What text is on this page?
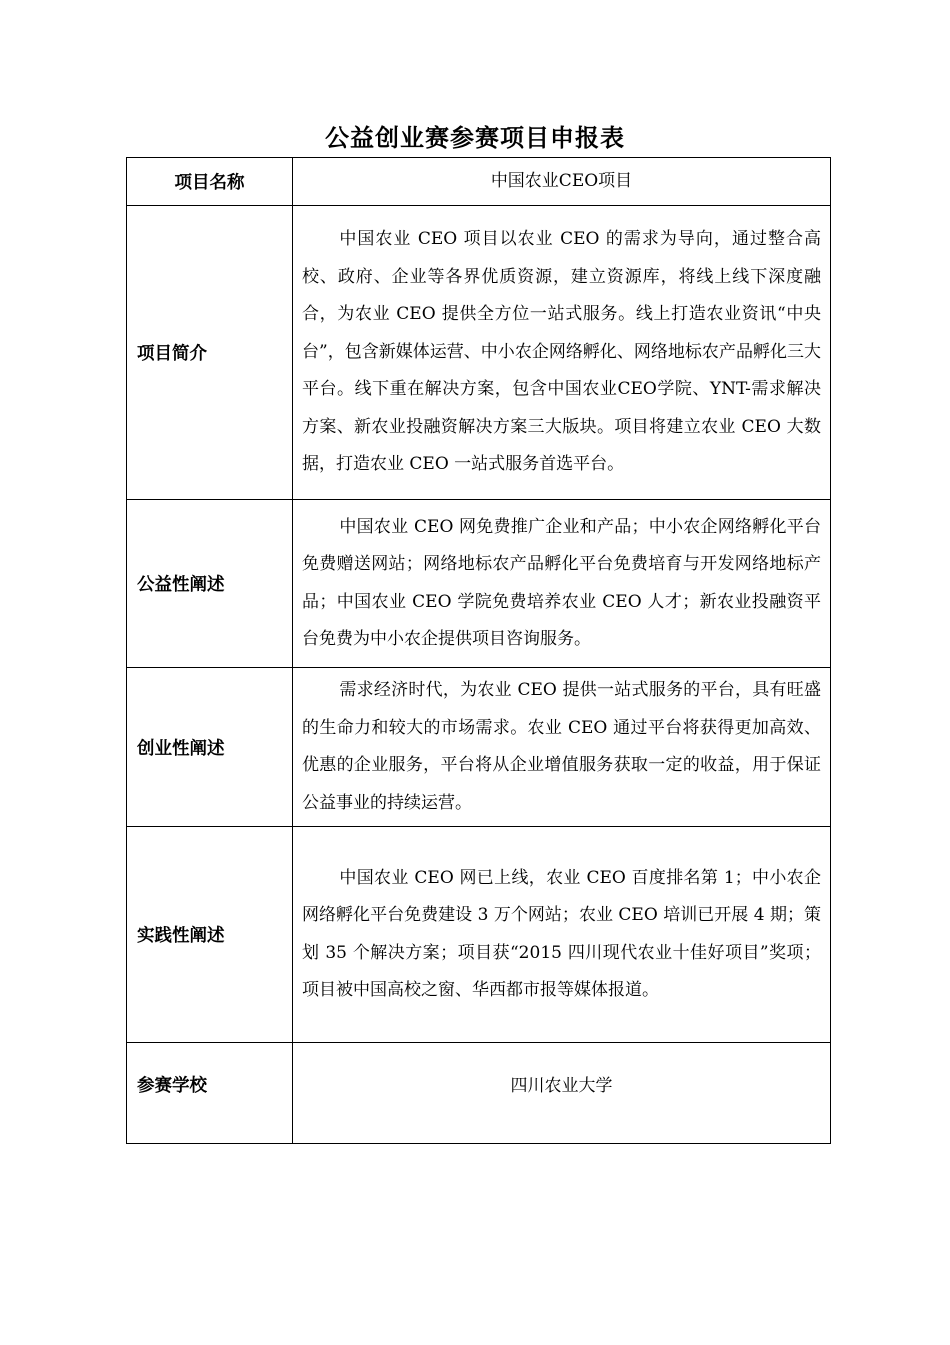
公益创业赛参赛项目申报表
项目名称	中国农业CEO项目

项目简介	中国农业 CEO 项目以农业 CEO 的需求为导向，通过整合高校、政府、企业等各界优质资源，建立资源库，将线上线下深度融合，为农业 CEO 提供全方位一站式服务。线上打造农业资讯“中央台”，包含新媒体运营、中小农企网络孵化、网络地标农产品孵化三大平台。线下重在解决方案，包含中国农业CEO学院、YNT-需求解决方案、新农业投融资解决方案三大版块。项目将建立农业 CEO 大数据，打造农业 CEO 一站式服务首选平台。

公益性阐述	中国农业 CEO 网免费推广企业和产品；中小农企网络孵化平台免费赠送网站；网络地标农产品孵化平台免费培育与开发网络地标产品；中国农业 CEO 学院免费培养农业 CEO 人才；新农业投融资平台免费为中小农企提供项目咨询服务。

创业性阐述	需求经济时代，为农业 CEO 提供一站式服务的平台，具有旺盛的生命力和较大的市场需求。农业 CEO 通过平台将获得更加高效、优惠的企业服务，平台将从企业增值服务获取一定的收益，用于保证公益事业的持续运营。

实践性阐述	中国农业 CEO 网已上线，农业 CEO 百度排名第 1；中小农企网络孵化平台免费建设 3 万个网站；农业 CEO 培训已开展 4 期；策划 35 个解决方案；项目获“2015 四川现代农业十佳好项目”奖项；项目被中国高校之窗、华西都市报等媒体报道。

参赛学校	四川农业大学
